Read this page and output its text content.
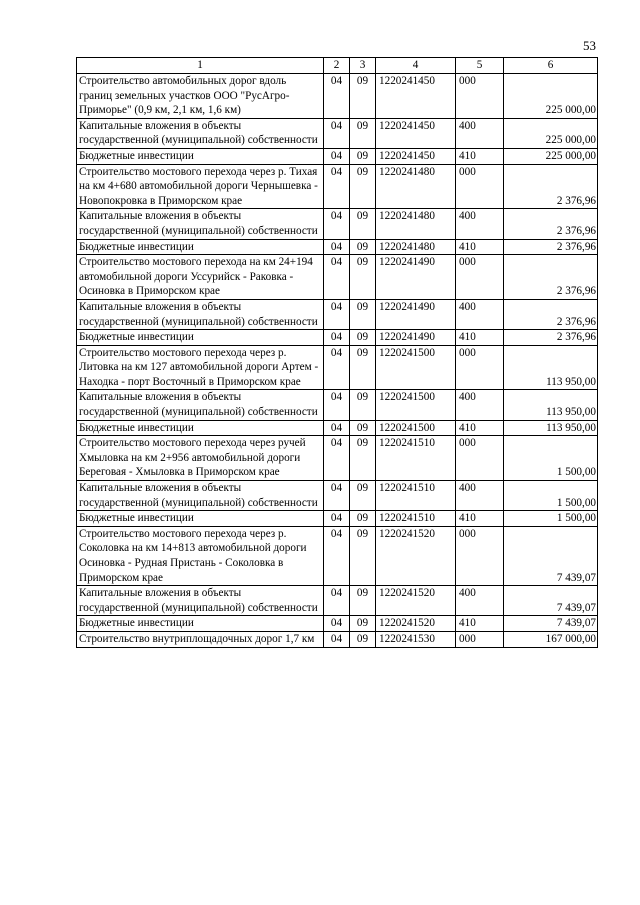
53
1	2	3	4	5	6
Строительство автомобильных дорог вдоль границ земельных участков ООО "РусАгро-Приморье" (0,9 км, 2,1 км, 1,6 км)	04	09	1220241450	000	225 000,00
Капитальные вложения в объекты государственной (муниципальной) собственности	04	09	1220241450	400	225 000,00
Бюджетные инвестиции	04	09	1220241450	410	225 000,00
Строительство мостового перехода через р. Тихая на км 4+680 автомобильной дороги Чернышевка - Новопокровка в Приморском крае	04	09	1220241480	000	2 376,96
Капитальные вложения в объекты государственной (муниципальной) собственности	04	09	1220241480	400	2 376,96
Бюджетные инвестиции	04	09	1220241480	410	2 376,96
Строительство мостового перехода на км 24+194 автомобильной дороги Уссурийск - Раковка - Осиновка в Приморском крае	04	09	1220241490	000	2 376,96
Капитальные вложения в объекты государственной (муниципальной) собственности	04	09	1220241490	400	2 376,96
Бюджетные инвестиции	04	09	1220241490	410	2 376,96
Строительство мостового перехода через р. Литовка на км 127 автомобильной дороги Артем - Находка - порт Восточный в Приморском крае	04	09	1220241500	000	113 950,00
Капитальные вложения в объекты государственной (муниципальной) собственности	04	09	1220241500	400	113 950,00
Бюджетные инвестиции	04	09	1220241500	410	113 950,00
Строительство мостового перехода через ручей Хмыловка на км 2+956 автомобильной дороги Береговая - Хмыловка в Приморском крае	04	09	1220241510	000	1 500,00
Капитальные вложения в объекты государственной (муниципальной) собственности	04	09	1220241510	400	1 500,00
Бюджетные инвестиции	04	09	1220241510	410	1 500,00
Строительство мостового перехода через р. Соколовка на км 14+813 автомобильной дороги Осиновка - Рудная Пристань - Соколовка в Приморском крае	04	09	1220241520	000	7 439,07
Капитальные вложения в объекты государственной (муниципальной) собственности	04	09	1220241520	400	7 439,07
Бюджетные инвестиции	04	09	1220241520	410	7 439,07
Строительство внутриплощадочных дорог 1,7 км	04	09	1220241530	000	167 000,00
